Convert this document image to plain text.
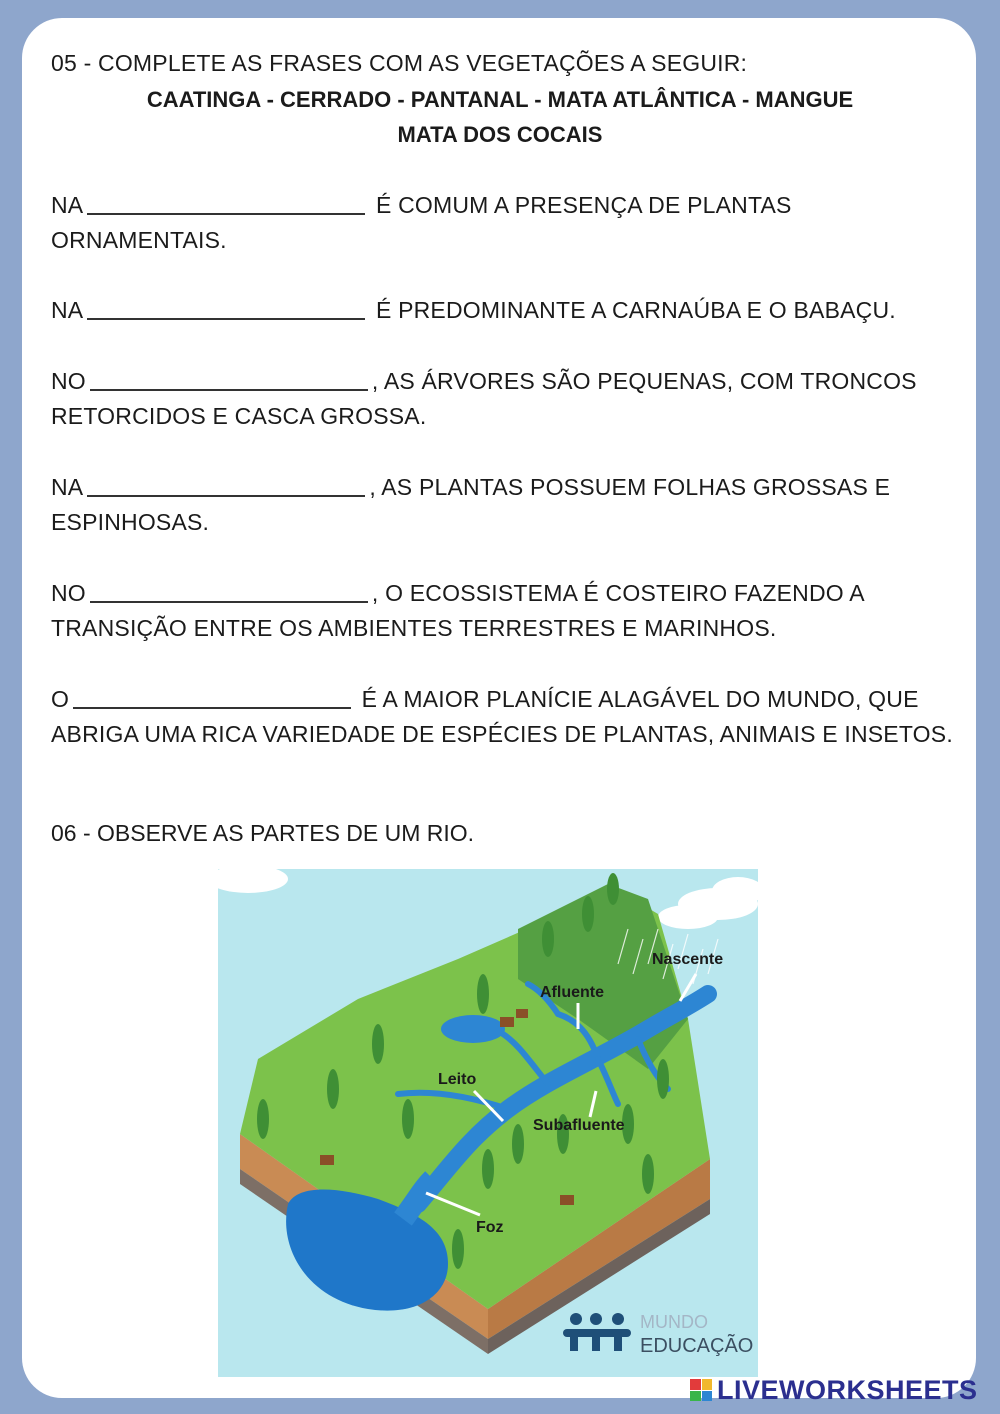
05 - COMPLETE AS FRASES COM AS VEGETAÇÕES A SEGUIR:
CAATINGA - CERRADO - PANTANAL - MATA ATLÂNTICA - MANGUE
MATA DOS COCAIS
NA	É COMUM A PRESENÇA DE PLANTAS ORNAMENTAIS.
NA	É PREDOMINANTE A CARNAÚBA E O BABAÇU.
NO	, AS ÁRVORES SÃO PEQUENAS, COM TRONCOS RETORCIDOS E CASCA GROSSA.
NA	, AS PLANTAS POSSUEM FOLHAS GROSSAS E ESPINHOSAS.
NO	, O ECOSSISTEMA É COSTEIRO FAZENDO A TRANSIÇÃO ENTRE OS AMBIENTES TERRESTRES E MARINHOS.
O	É A MAIOR PLANÍCIE ALAGÁVEL DO MUNDO, QUE ABRIGA UMA RICA VARIEDADE DE ESPÉCIES DE PLANTAS, ANIMAIS E INSETOS.
06 - OBSERVE AS PARTES DE UM RIO.
Nascente
Afluente
Leito
Subafluente
Foz
MUNDO
EDUCAÇÃO
LIVEWORKSHEETS
